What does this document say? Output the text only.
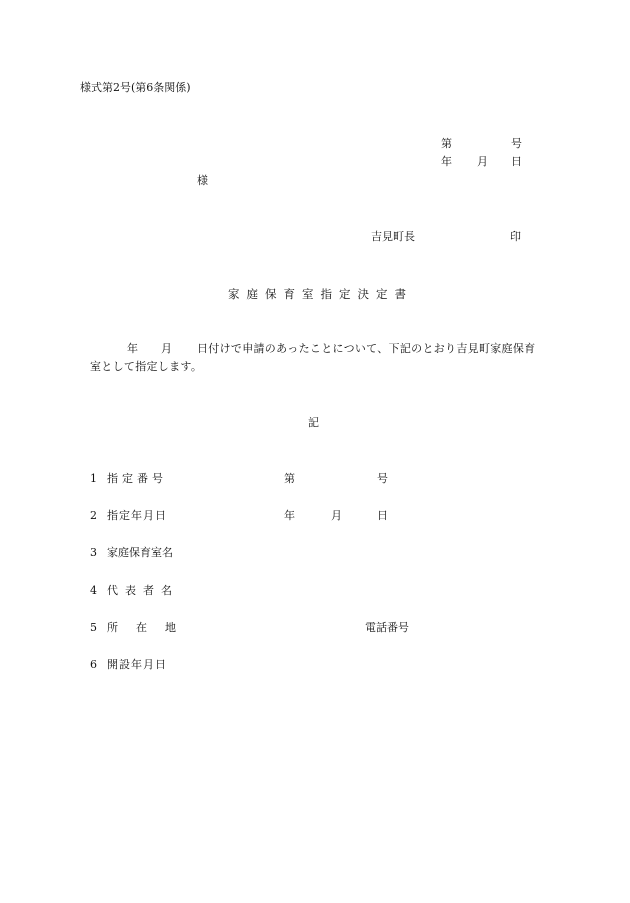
様式第2号(第6条関係)
第	号
年 月 日
様
吉見町長	印
家庭保育室指定決定書
年 月 日付けで申請のあったことについて、下記のとおり吉見町家庭保育
室として指定します。
記
1 指定番号	第	号
2 指定年月日	年	月	日
3 家庭保育室名
4 代表者名
5 所在地	電話番号
6 開設年月日
